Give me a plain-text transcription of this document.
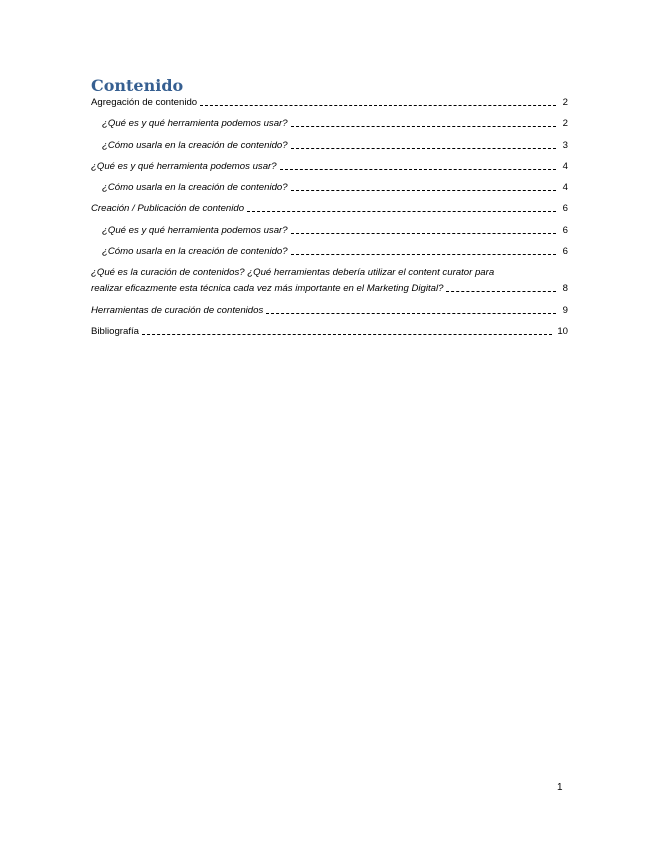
Contenido
Agregación de contenido	2
¿Qué es y qué herramienta podemos usar?	2
¿Cómo usarla en la creación de contenido?	3
¿Qué es y qué herramienta podemos usar?	4
¿Cómo usarla en la creación de contenido?	4
Creación / Publicación de contenido	6
¿Qué es y qué herramienta podemos usar?	6
¿Cómo usarla en la creación de contenido?	6
¿Qué es la curación de contenidos? ¿Qué herramientas debería utilizar el content curator para
realizar eficazmente esta técnica cada vez más importante en el Marketing Digital?	8
Herramientas de curación de contenidos	9
Bibliografía	10
1
